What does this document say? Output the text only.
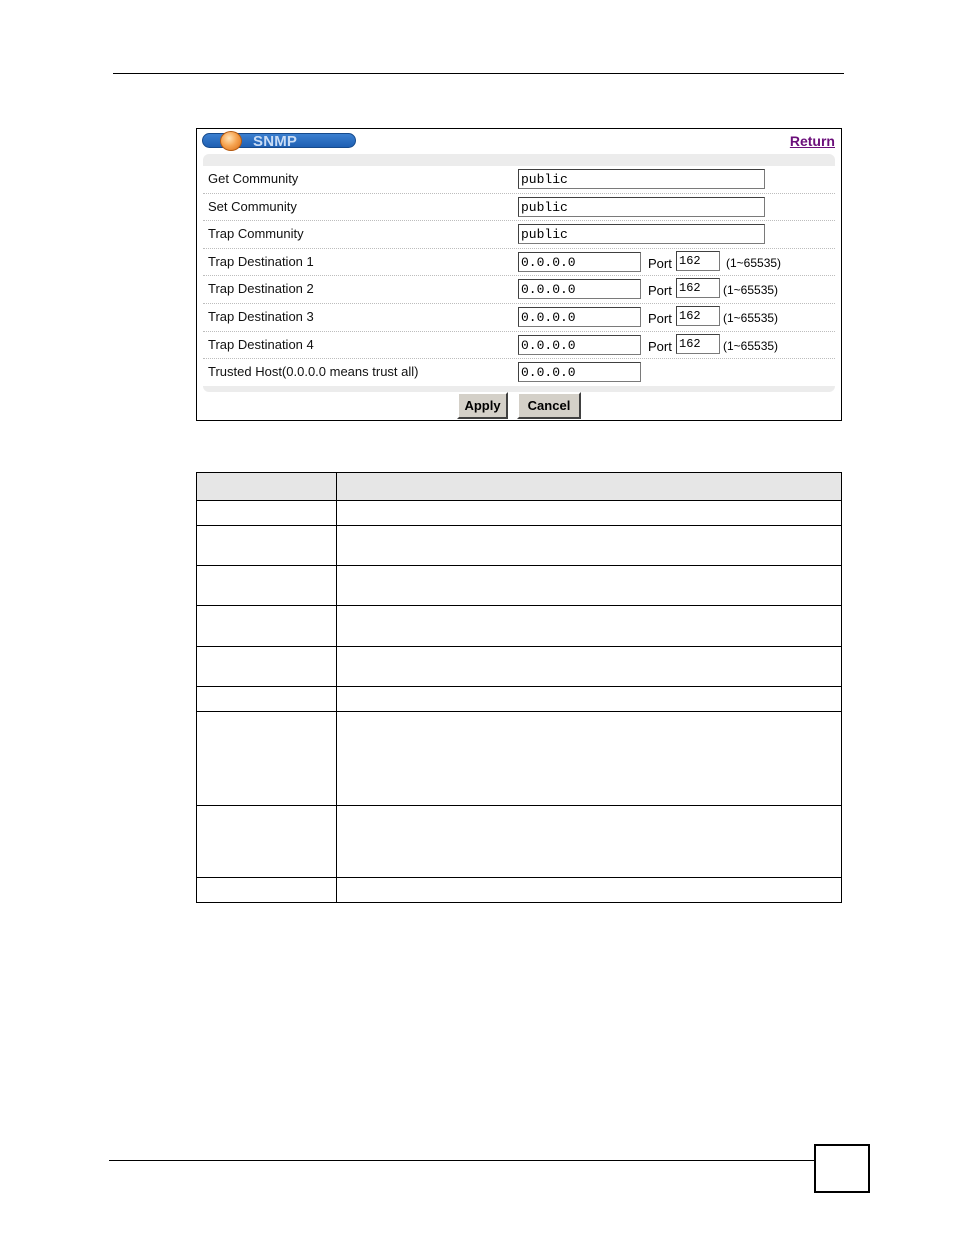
SNMP	Return
Get Community	public
Set Community	public
Trap Community	public
Trap Destination 1	0.0.0.0	Port 162	(1~65535)
Trap Destination 2	0.0.0.0	Port 162	(1~65535)
Trap Destination 3	0.0.0.0	Port 162	(1~65535)
Trap Destination 4	0.0.0.0	Port 162	(1~65535)
Trusted Host(0.0.0.0 means trust all)	0.0.0.0
Apply	Cancel
